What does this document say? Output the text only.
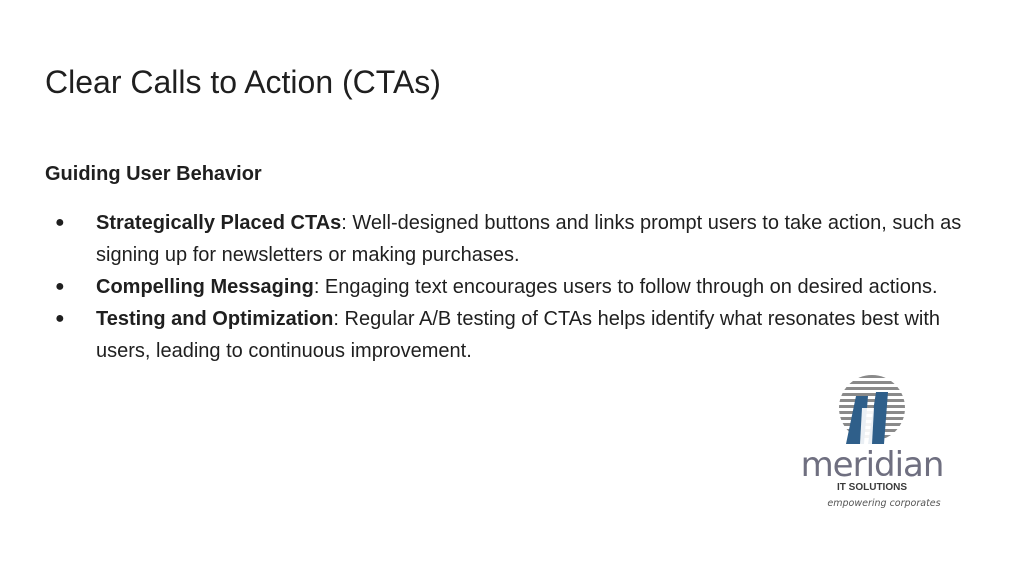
Clear Calls to Action (CTAs)
Guiding User Behavior
● Strategically Placed CTAs: Well-designed buttons and links prompt users to take action, such as signing up for newsletters or making purchases.
● Compelling Messaging: Engaging text encourages users to follow through on desired actions.
● Testing and Optimization: Regular A/B testing of CTAs helps identify what resonates best with users, leading to continuous improvement.
meridian
IT SOLUTIONS
empowering corporates
